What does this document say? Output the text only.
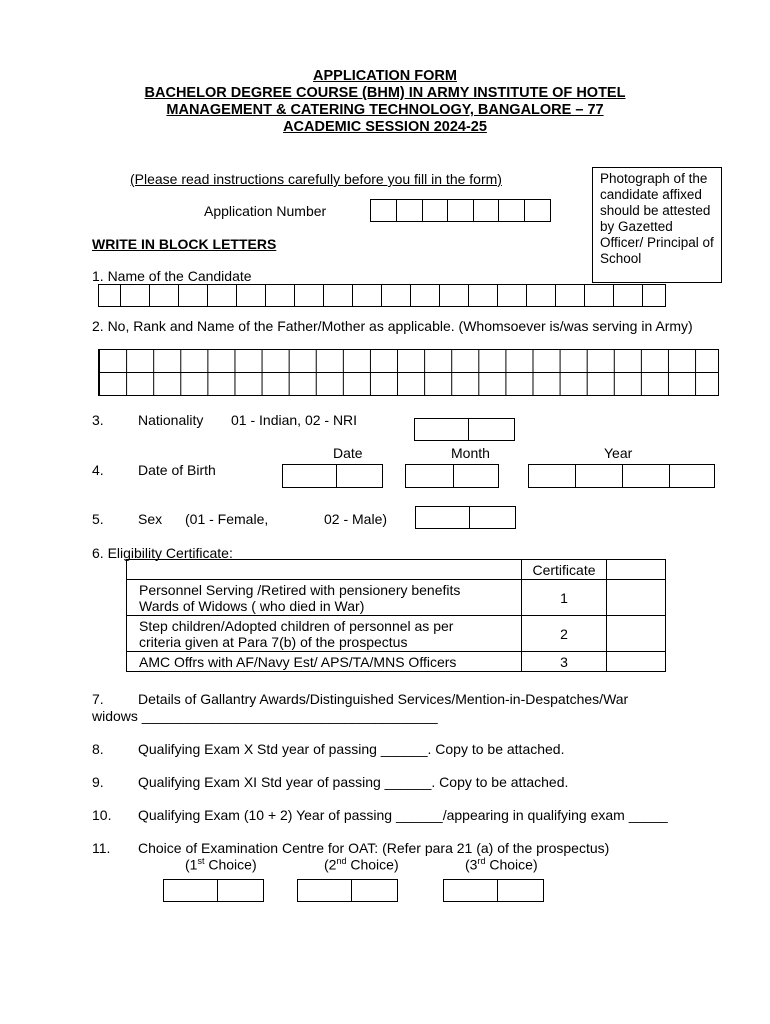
APPLICATION FORM
BACHELOR DEGREE COURSE (BHM) IN ARMY INSTITUTE OF HOTEL
MANAGEMENT & CATERING TECHNOLOGY, BANGALORE – 77
ACADEMIC SESSION 2024-25
(Please read instructions carefully before you fill in the form)	Photograph of the candidate affixed should be attested by Gazetted Officer/ Principal of School
Application Number
WRITE IN BLOCK LETTERS
1. Name of the Candidate
2. No, Rank and Name of the Father/Mother as applicable. (Whomsoever is/was serving in Army)
3. Nationality 01 - Indian, 02 - NRI
Date	Month	Year
4. Date of Birth
5. Sex (01 - Female,	02 - Male)
6. Eligibility Certificate:
	Certificate	

Personnel Serving /Retired with pensionery benefits
Wards of Widows ( who died in War)	1	

Step children/Adopted children of personnel as per
criteria given at Para 7(b) of the prospectus	2	

AMC Offrs with AF/Navy Est/ APS/TA/MNS Officers	3	
7. Details of Gallantry Awards/Distinguished Services/Mention-in-Despatches/War
widows ______________________________________
8. Qualifying Exam X Std year of passing ______. Copy to be attached.
9. Qualifying Exam XI Std year of passing ______. Copy to be attached.
10. Qualifying Exam (10 + 2) Year of passing ______/appearing in qualifying exam _____
11. Choice of Examination Centre for OAT: (Refer para 21 (a) of the prospectus)
(1st Choice)	(2nd Choice)	(3rd Choice)
